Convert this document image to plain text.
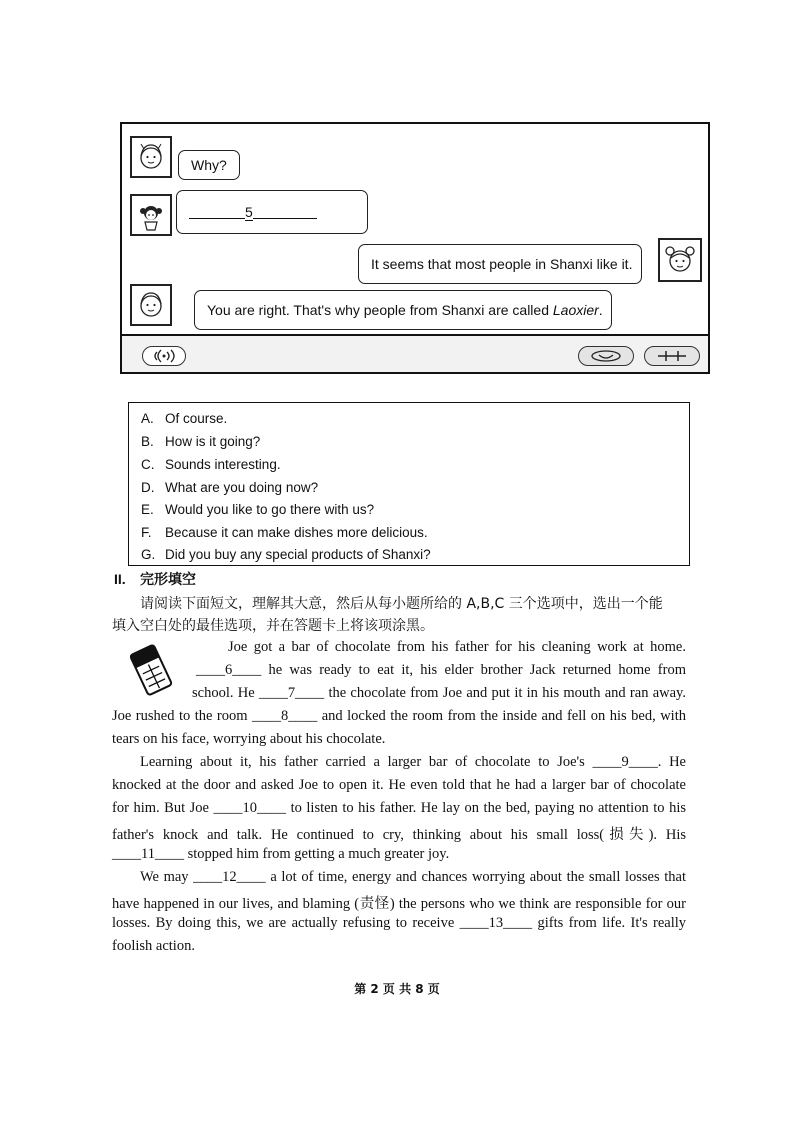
Why?
5
It seems that most people in Shanxi like it.
You are right. That's why people from Shanxi are called Laoxier.
A. Of course.
B. How is it going?
C. Sounds interesting.
D. What are you doing now?
E. Would you like to go there with us?
F. Because it can make dishes more delicious.
G. Did you buy any special products of Shanxi?
II. 完形填空
请阅读下面短文，理解其大意，然后从每小题所给的 A,B,C 三个选项中，选出一个能
填入空白处的最佳选项，并在答题卡上将该项涂黑。
Joe got a bar of chocolate from his father for his cleaning work at home.
____6____ he was ready to eat it, his elder brother Jack returned home from
school. He ____7____ the chocolate from Joe and put it in his mouth and ran away.
Joe rushed to the room ____8____ and locked the room from the inside and fell on his bed, with
tears on his face, worrying about his chocolate.
Learning about it, his father carried a larger bar of chocolate to Joe's ____9____. He
knocked at the door and asked Joe to open it. He even told that he had a larger bar of chocolate
for him. But Joe ____10____ to listen to his father. He lay on the bed, paying no attention to his
father's knock and talk. He continued to cry, thinking about his small loss(损失). His
____11____ stopped him from getting a much greater joy.
We may ____12____ a lot of time, energy and chances worrying about the small losses that
have happened in our lives, and blaming (责怪) the persons who we think are responsible for our
losses. By doing this, we are actually refusing to receive ____13____ gifts from life. It's really
foolish action.
第 2 页 共 8 页
